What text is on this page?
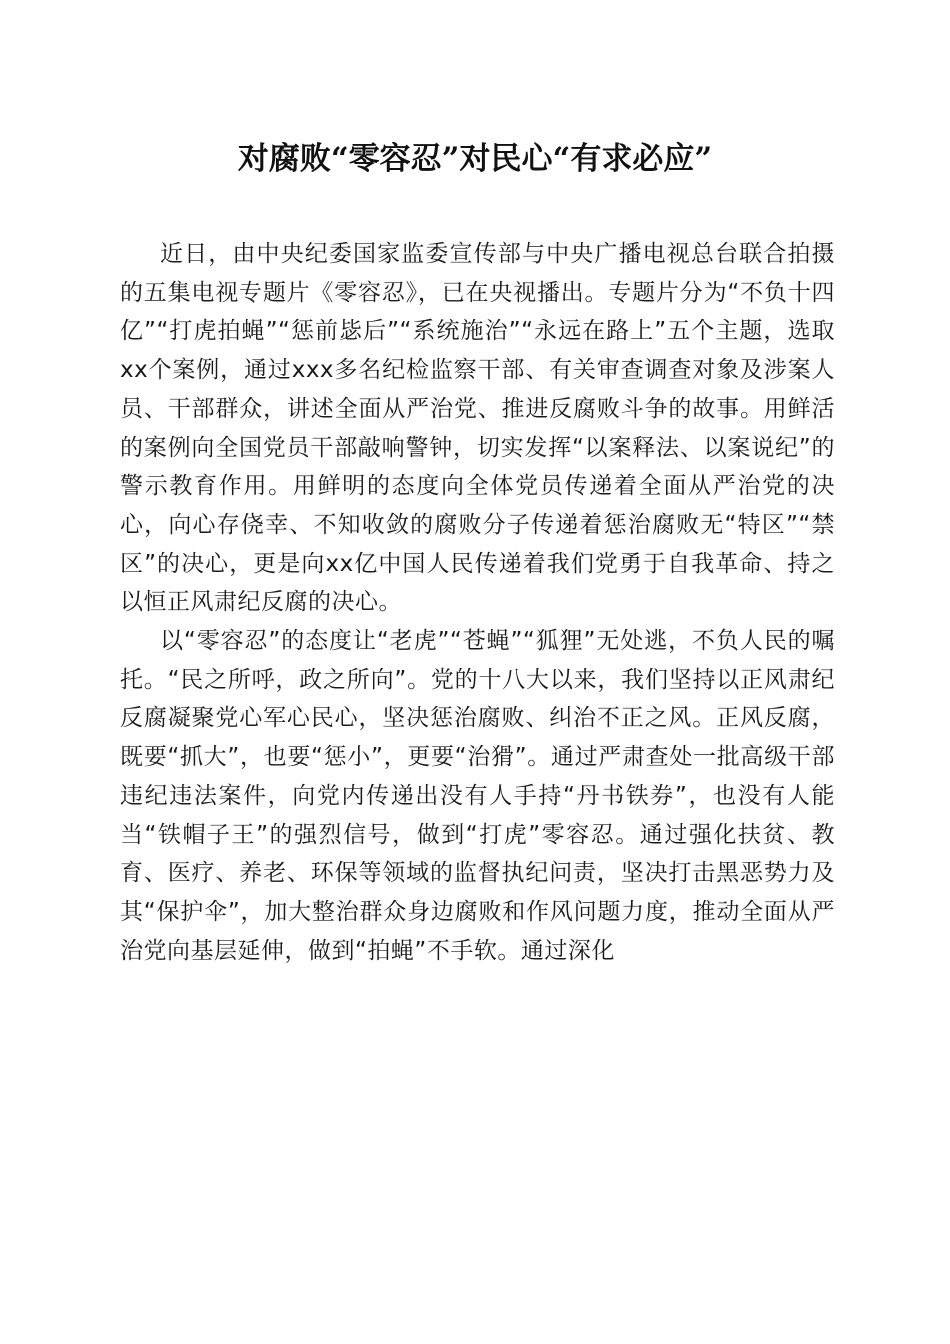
对腐败“零容忍”对民心“有求必应”

近日，由中央纪委国家监委宣传部与中央广播电视总台联合拍摄的五集电视专题片《零容忍》，已在央视播出。专题片分为“不负十四亿”“打虎拍蝇”“惩前毖后”“系统施治”“永远在路上”五个主题，选取xx个案例，通过xxx多名纪检监察干部、有关审查调查对象及涉案人员、干部群众，讲述全面从严治党、推进反腐败斗争的故事。用鲜活的案例向全国党员干部敲响警钟，切实发挥“以案释法、以案说纪”的警示教育作用。用鲜明的态度向全体党员传递着全面从严治党的决心，向心存侥幸、不知收敛的腐败分子传递着惩治腐败无“特区”“禁区”的决心，更是向xx亿中国人民传递着我们党勇于自我革命、持之以恒正风肃纪反腐的决心。

以“零容忍”的态度让“老虎”“苍蝇”“狐狸”无处逃，不负人民的嘱托。“民之所呼，政之所向”。党的十八大以来，我们坚持以正风肃纪反腐凝聚党心军心民心，坚决惩治腐败、纠治不正之风。正风反腐，既要“抓大”，也要“惩小”，更要“治猾”。通过严肃查处一批高级干部违纪违法案件，向党内传递出没有人手持“丹书铁券”，也没有人能当“铁帽子王”的强烈信号，做到“打虎”零容忍。通过强化扶贫、教育、医疗、养老、环保等领域的监督执纪问责，坚决打击黑恶势力及其“保护伞”，加大整治群众身边腐败和作风问题力度，推动全面从严治党向基层延伸，做到“拍蝇”不手软。通过深化
